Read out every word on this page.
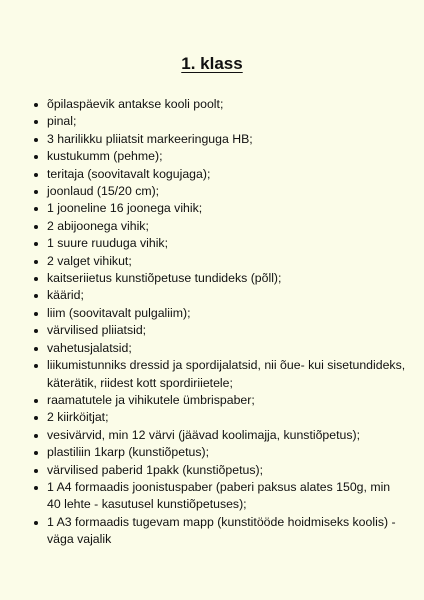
1. klass
õpilaspäevik antakse kooli poolt;
pinal;
3 harilikku pliiatsit markeeringuga HB;
kustukumm (pehme);
teritaja (soovitavalt kogujaga);
joonlaud (15/20 cm);
1 jooneline 16 joonega vihik;
2 abijoonega vihik;
1 suure ruuduga vihik;
2 valget vihikut;
kaitseriietus kunstiõpetuse tundideks (põll);
käärid;
liim (soovitavalt pulgaliim);
värvilised pliiatsid;
vahetusjalatsid;
liikumistunniks dressid ja spordijalatsid, nii õue- kui sisetundideks, käterätik, riidest kott spordiriietele;
raamatutele ja vihikutele ümbrispaber;
2 kiirköitjat;
vesivärvid, min 12 värvi (jäävad koolimajja, kunstiõpetus);
plastiliin 1karp (kunstiõpetus);
värvilised paberid 1pakk (kunstiõpetus);
1 A4 formaadis joonistuspaber (paberi paksus alates 150g, min 40 lehte - kasutusel kunstiõpetuses);
1 A3 formaadis tugevam mapp (kunstitööde hoidmiseks koolis) - väga vajalik
